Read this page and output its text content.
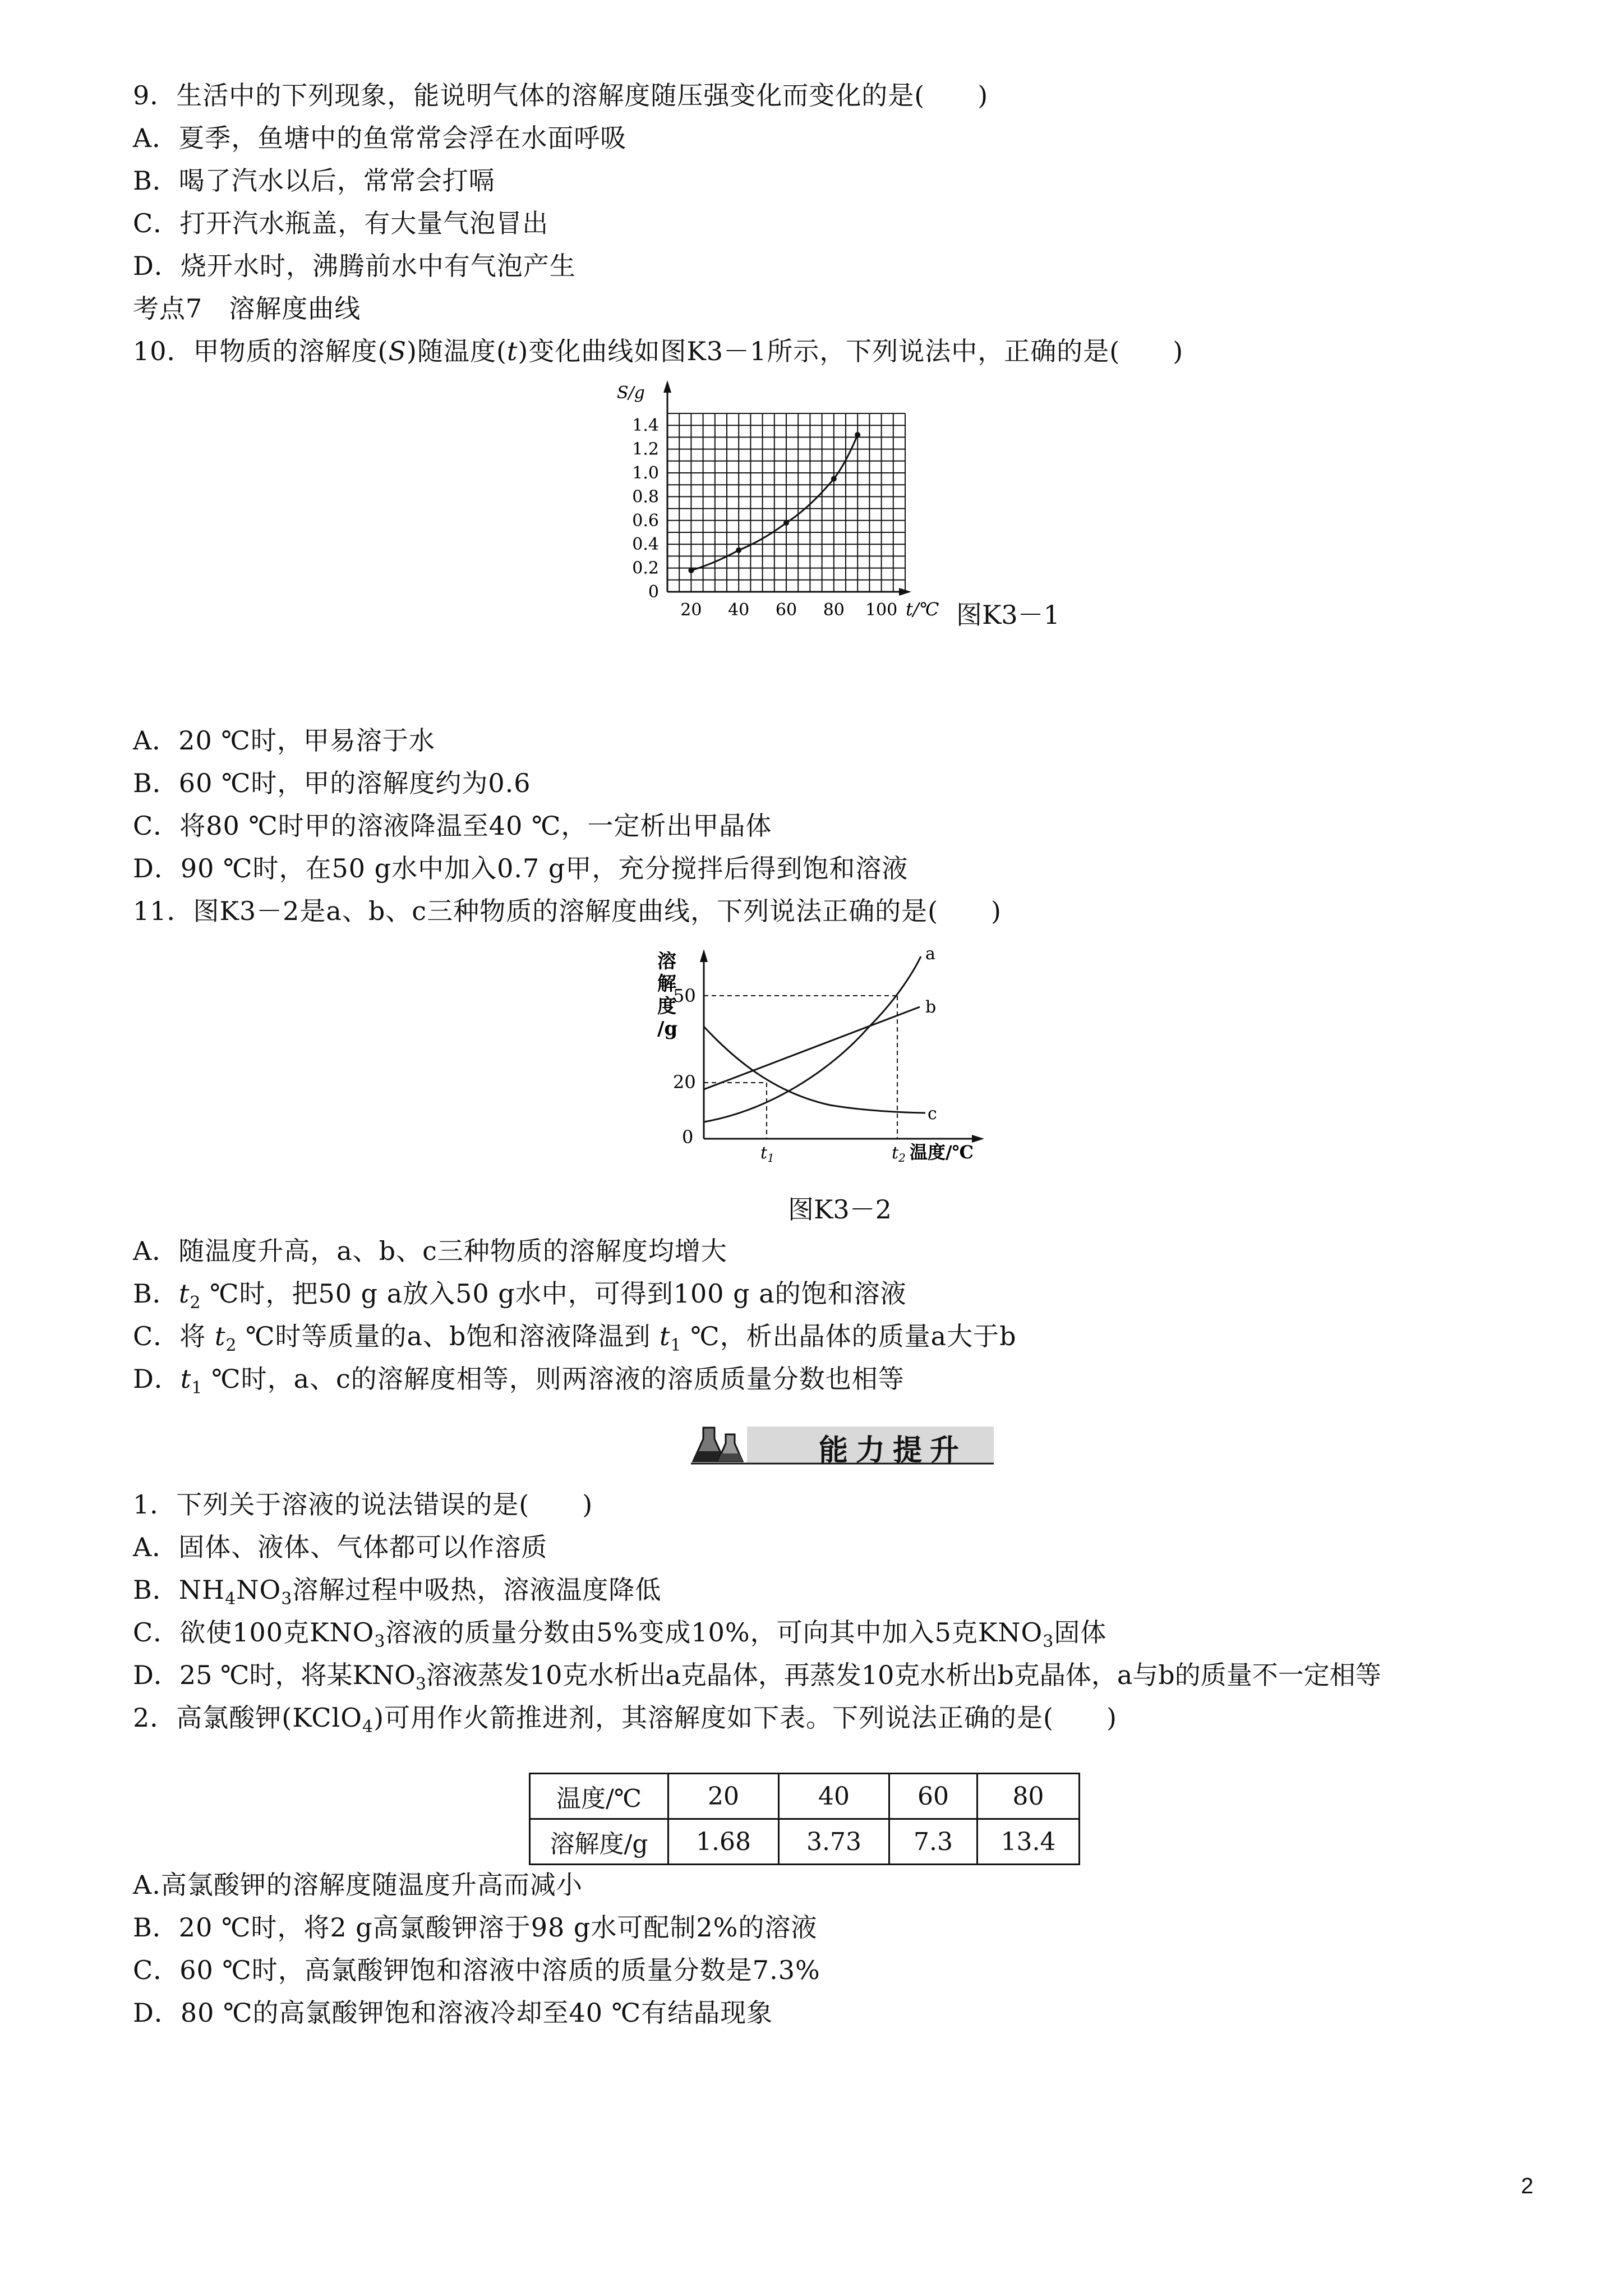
9．生活中的下列现象，能说明气体的溶解度随压强变化而变化的是(　　)
A．夏季，鱼塘中的鱼常常会浮在水面呼吸
B．喝了汽水以后，常常会打嗝
C．打开汽水瓶盖，有大量气泡冒出
D．烧开水时，沸腾前水中有气泡产生
考点7　溶解度曲线
10．甲物质的溶解度(S)随温度(t)变化曲线如图K3－1所示，下列说法中，正确的是(　　)
S/g
0
0.2
0.4
0.6
0.8
1.0
1.2
1.4
20 40 60 80 100 t/℃ 图K3－1
A．20 ℃时，甲易溶于水
B．60 ℃时，甲的溶解度约为0.6
C．将80 ℃时甲的溶液降温至40 ℃，一定析出甲晶体
D．90 ℃时，在50 g水中加入0.7 g甲，充分搅拌后得到饱和溶液
11．图K3－2是a、b、c三种物质的溶解度曲线，下列说法正确的是(　　)
溶
解
度
/g
50
20
0
a
b
c
$t_1$	$t_2$ 温度/℃
图K3－2
A．随温度升高，a、b、c三种物质的溶解度均增大
B．$t_2$ ℃时，把50 g a放入50 g水中，可得到100 g a的饱和溶液
C．将 $t_2$ ℃时等质量的a、b饱和溶液降温到 $t_1$ ℃，析出晶体的质量a大于b
D．$t_1$ ℃时，a、c的溶解度相等，则两溶液的溶质质量分数也相等
能力提升
1．下列关于溶液的说法错误的是(　　)
A．固体、液体、气体都可以作溶质
B．$NH_4NO_3$溶解过程中吸热，溶液温度降低
C．欲使100克$KNO_3$溶液的质量分数由5%变成10%，可向其中加入5克$KNO_3$固体
D．25 ℃时，将某$KNO_3$溶液蒸发10克水析出a克晶体，再蒸发10克水析出b克晶体，a与b的质量不一定相等
2．高氯酸钾(KClO$_4$)可用作火箭推进剂，其溶解度如下表。下列说法正确的是(　　)
温度/℃	20	40	60	80
溶解度/g	1.68	3.73	7.3	13.4
A.高氯酸钾的溶解度随温度升高而减小
B．20 ℃时，将2 g高氯酸钾溶于98 g水可配制2%的溶液
C．60 ℃时，高氯酸钾饱和溶液中溶质的质量分数是7.3%
D．80 ℃的高氯酸钾饱和溶液冷却至40 ℃有结晶现象
2
